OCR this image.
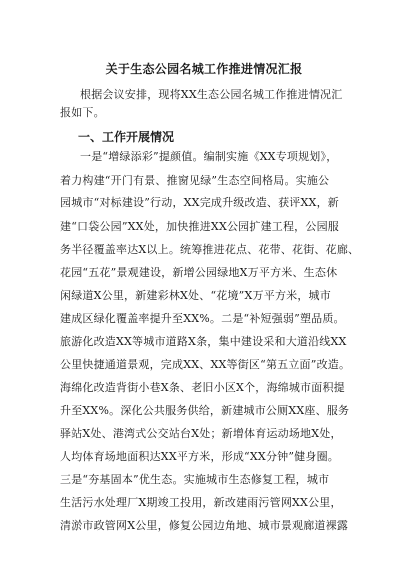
关于生态公园名城工作推进情况汇报
根据会议安排，现将XX生态公园名城工作推进情况汇
报如下。
一、工作开展情况
一是“增绿添彩”提颜值。编制实施《XX专项规划》，
着力构建“开门有景、推窗见绿”生态空间格局。实施公
园城市“对标建设”行动，XX完成升级改造、获评XX，新
建“口袋公园”XX处，加快推进XX公园扩建工程，公园服
务半径覆盖率达X以上。统筹推进花点、花带、花街、花廊、
花园“五花”景观建设，新增公园绿地X万平方米、生态休
闲绿道X公里，新建彩林X处、“花境”X万平方米，城市
建成区绿化覆盖率提升至XX%。二是“补短强弱”塑品质。
旅游化改造XX等城市道路X条，集中建设采和大道沿线XX
公里快捷通道景观，完成XX、XX等街区“第五立面”改造。
海绵化改造背街小巷X条、老旧小区X个，海绵城市面积提
升至XX%。深化公共服务供给，新建城市公厕XX座、服务
驿站X处、港湾式公交站台X处；新增体育运动场地X处，
人均体育场地面积达XX平方米，形成“XX分钟”健身圈。
三是“夯基固本”优生态。实施城市生态修复工程，城市
生活污水处理厂X期竣工投用，新改建雨污管网XX公里，
清淤市政管网X公里，修复公园边角地、城市景观廊道裸露
